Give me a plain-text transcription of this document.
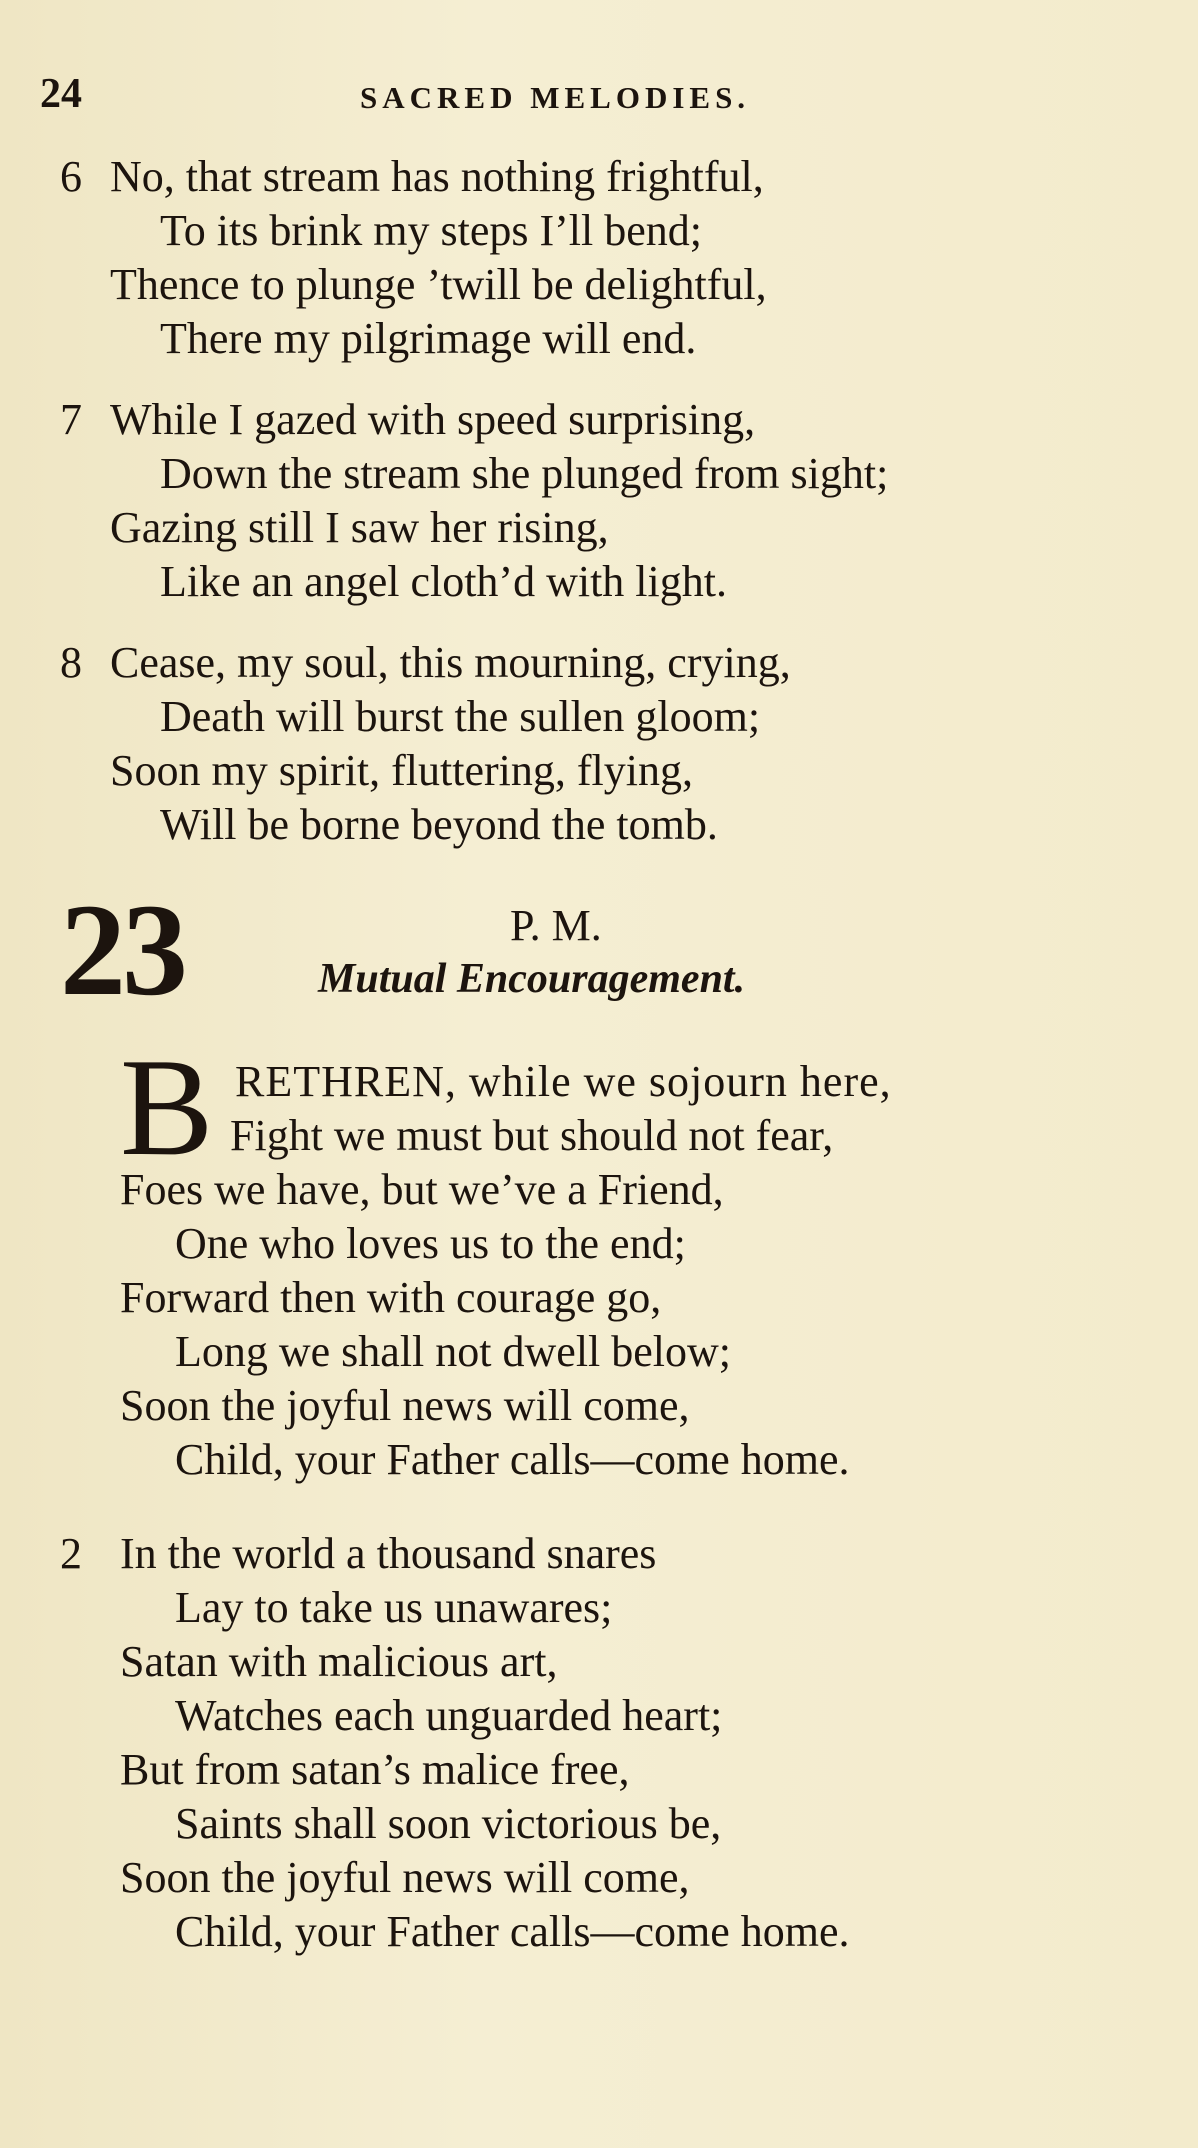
24	SACRED MELODIES.
6 No, that stream has nothing frightful,
To its brink my steps I’ll bend;
Thence to plunge ’twill be delightful,
There my pilgrimage will end.
7 While I gazed with speed surprising,
Down the stream she plunged from sight;
Gazing still I saw her rising,
Like an angel cloth’d with light.
8 Cease, my soul, this mourning, crying,
Death will burst the sullen gloom;
Soon my spirit, fluttering, flying,
Will be borne beyond the tomb.
23	P. M.
Mutual Encouragement.
B RETHREN, while we sojourn here,
Fight we must but should not fear,
Foes we have, but we’ve a Friend,
One who loves us to the end;
Forward then with courage go,
Long we shall not dwell below;
Soon the joyful news will come,
Child, your Father calls—come home.
2 In the world a thousand snares
Lay to take us unawares;
Satan with malicious art,
Watches each unguarded heart;
But from satan’s malice free,
Saints shall soon victorious be,
Soon the joyful news will come,
Child, your Father calls—come home.
